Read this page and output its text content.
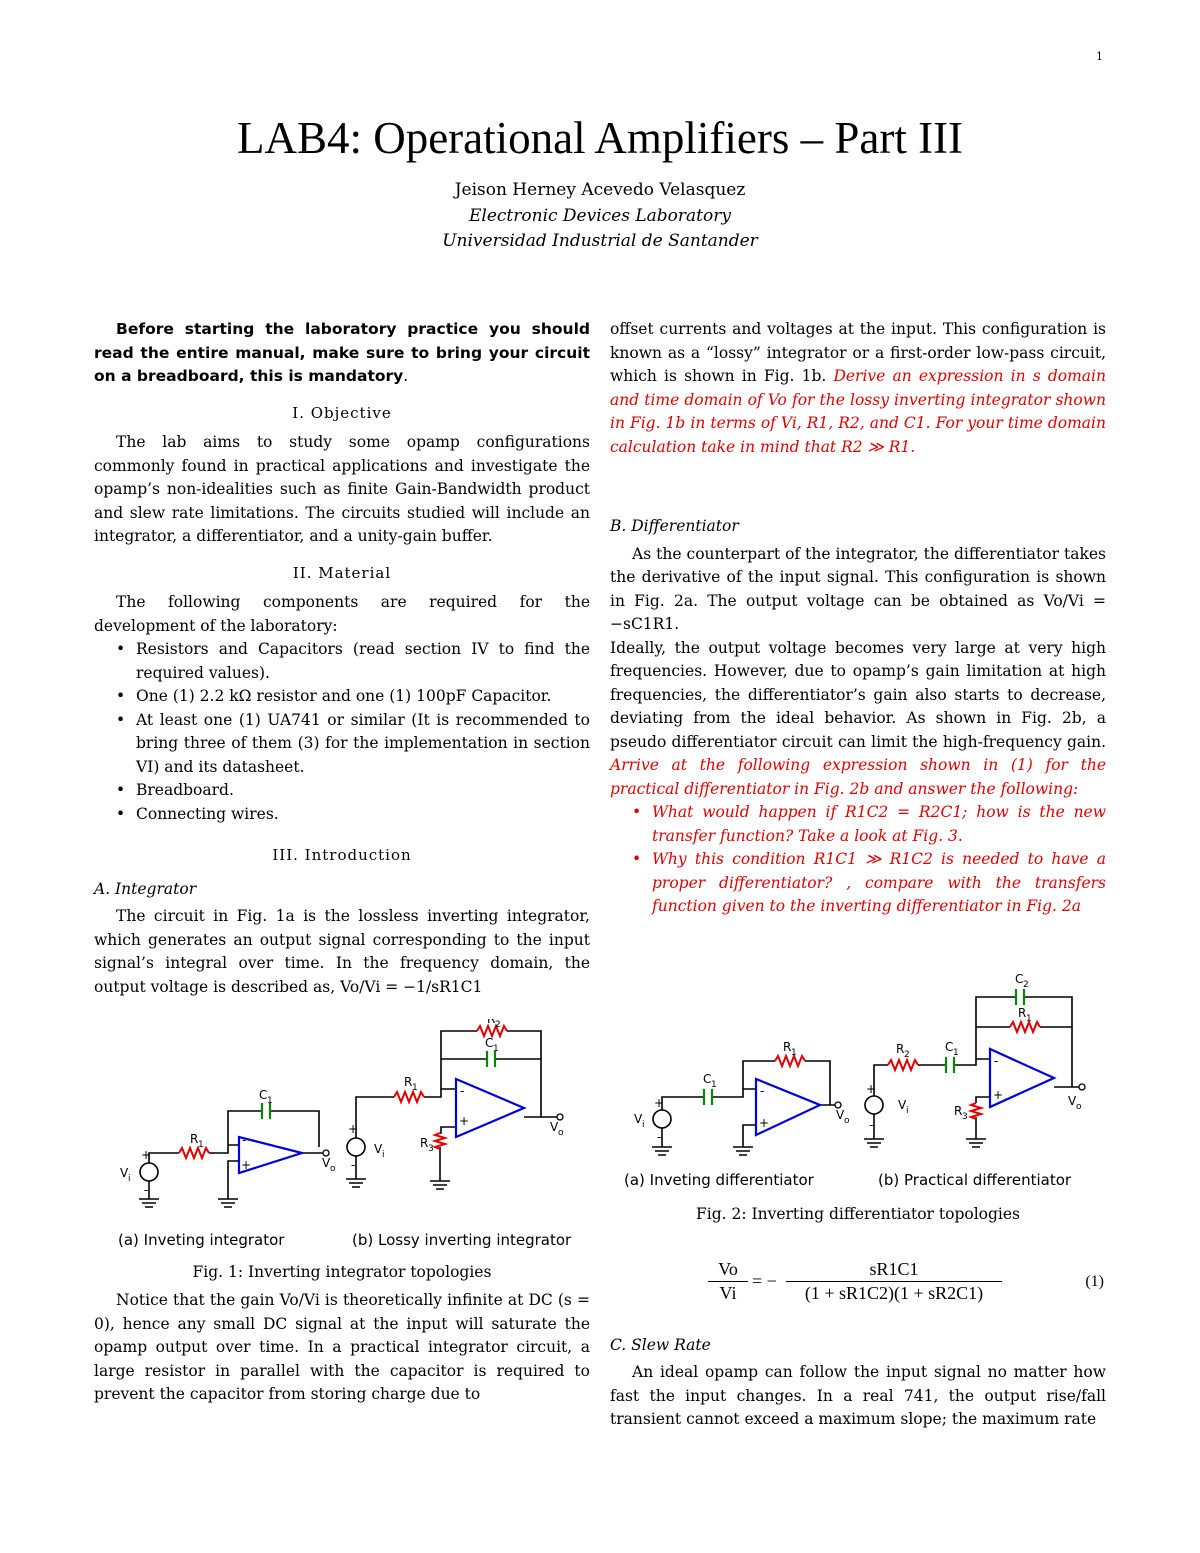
1
LAB4: Operational Amplifiers – Part III
Jeison Herney Acevedo Velasquez
Electronic Devices Laboratory
Universidad Industrial de Santander

Before starting the laboratory practice you should read the entire manual, make sure to bring your circuit on a breadboard, this is mandatory.

I. Objective

The lab aims to study some opamp configurations commonly found in practical applications and investigate the opamp’s non-idealities such as finite Gain-Bandwidth product and slew rate limitations. The circuits studied will include an integrator, a differentiator, and a unity-gain buffer.

II. Material

The following components are required for the development of the laboratory:

• Resistors and Capacitors (read section IV to find the required values).
• One (1) 2.2 kΩ resistor and one (1) 100pF Capacitor.
• At least one (1) UA741 or similar (It is recommended to bring three of them (3) for the implementation in section VI) and its datasheet.
• Breadboard.
• Connecting wires.
III. Introduction
A. Integrator

The circuit in Fig. 1a is the lossless inverting integrator, which generates an output signal corresponding to the input signal’s integral over time. In the frequency domain, the output voltage is described as, Vo/Vi = −1/sR1C1

-
+
+
-
V i
R 1
C 1
V o
-
+
+
-
V i
R 1
R 2
C 1
R 3
V o
(a) Inveting integrator	(b) Lossy inverting integrator
Fig. 1: Inverting integrator topologies

Notice that the gain Vo/Vi is theoretically infinite at DC (s = 0), hence any small DC signal at the input will saturate the opamp output over time. In a practical integrator circuit, a large resistor in parallel with the capacitor is required to prevent the capacitor from storing charge due to

offset currents and voltages at the input. This configuration is known as a “lossy” integrator or a first-order low-pass circuit, which is shown in Fig. 1b. Derive an expression in s domain and time domain of Vo for the lossy inverting integrator shown in Fig. 1b in terms of Vi, R1, R2, and C1. For your time domain calculation take in mind that R2 ≫ R1.

B. Differentiator

As the counterpart of the integrator, the differentiator takes the derivative of the input signal. This configuration is shown in Fig. 2a. The output voltage can be obtained as Vo/Vi = −sC1R1.

Ideally, the output voltage becomes very large at very high frequencies. However, due to opamp’s gain limitation at high frequencies, the differentiator’s gain also starts to decrease, deviating from the ideal behavior. As shown in Fig. 2b, a pseudo differentiator circuit can limit the high-frequency gain. Arrive at the following expression shown in (1) for the practical differentiator in Fig. 2b and answer the following:

• What would happen if R1C2 = R2C1; how is the new transfer function? Take a look at Fig. 3.
• Why this condition R1C1 ≫ R1C2 is needed to have a proper differentiator? , compare with the transfers function given to the inverting differentiator in Fig. 2a
-
+
+
-
V i
C 1
R 1
V o
-
+
+
-
V i
R 2
C 1
R 1
C 2
R 3
V o
(a) Inveting differentiator	(b) Practical differentiator
Fig. 2: Inverting differentiator topologies
Vo
Vi
= −
sR1C1
(1 + sR1C2)(1 + sR2C1)
(1)
C. Slew Rate

An ideal opamp can follow the input signal no matter how fast the input changes. In a real 741, the output rise/fall transient cannot exceed a maximum slope; the maximum rate
